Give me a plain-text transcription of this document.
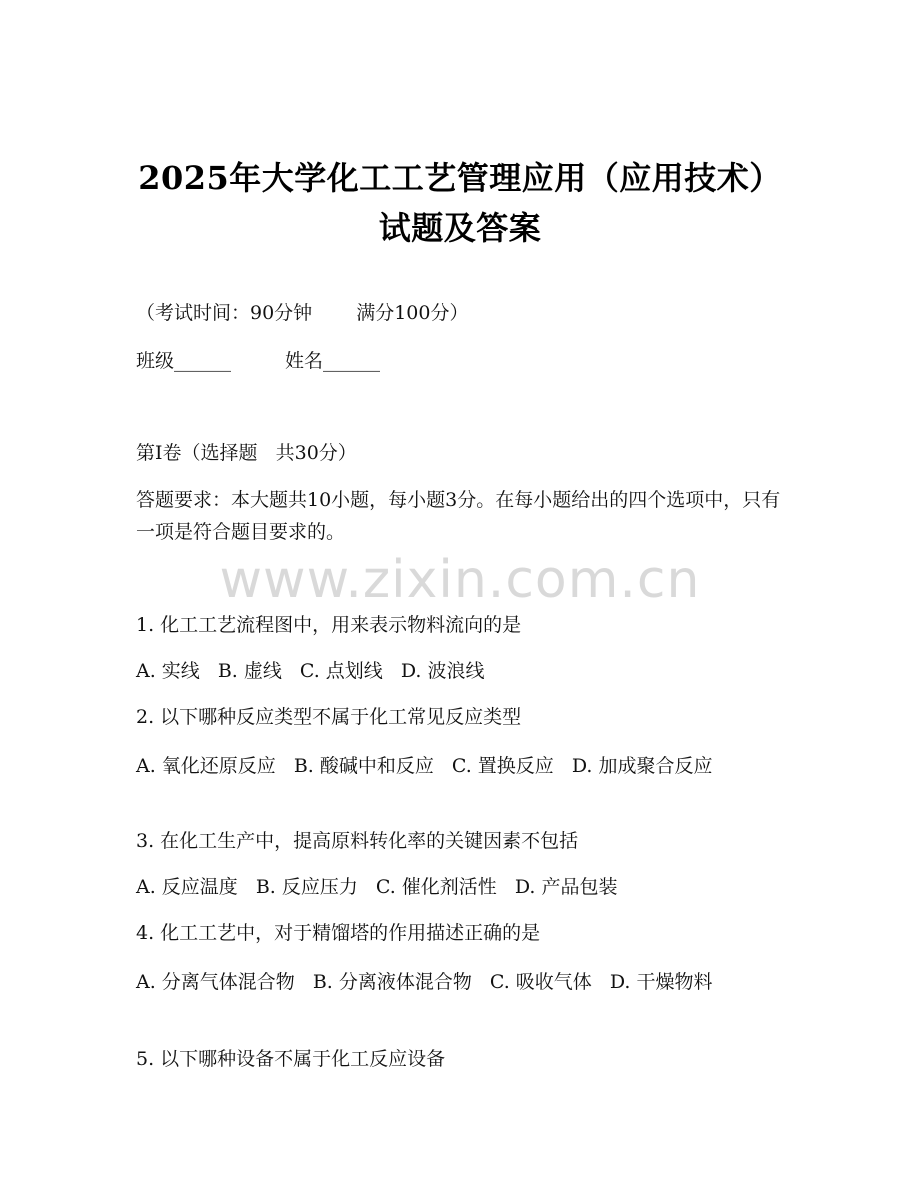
2025年大学化工工艺管理应用（应用技术）
试题及答案
（考试时间：90分钟 满分100分）
班级______	姓名______
第I卷（选择题   共30分）
答题要求：本大题共10小题，每小题3分。在每小题给出的四个选项中，只有一项是符合题目要求的。
www.zixin.com.cn
1. 化工工艺流程图中，用来表示物料流向的是
A. 实线 B. 虚线 C. 点划线 D. 波浪线
2. 以下哪种反应类型不属于化工常见反应类型
A. 氧化还原反应 B. 酸碱中和反应 C. 置换反应 D. 加成聚合反应
3. 在化工生产中，提高原料转化率的关键因素不包括
A. 反应温度 B. 反应压力 C. 催化剂活性 D. 产品包装
4. 化工工艺中，对于精馏塔的作用描述正确的是
A. 分离气体混合物 B. 分离液体混合物 C. 吸收气体 D. 干燥物料
5. 以下哪种设备不属于化工反应设备
